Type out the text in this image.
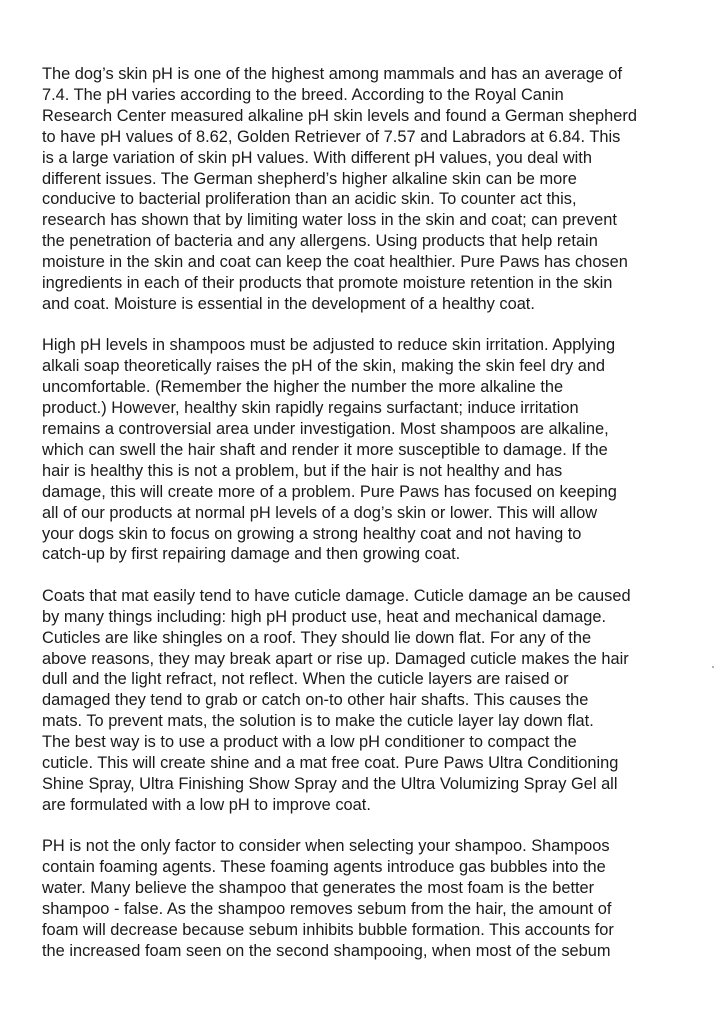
The dog’s skin pH is one of the highest among mammals and has an average of
7.4. The pH varies according to the breed. According to the Royal Canin
Research Center measured alkaline pH skin levels and found a German shepherd
to have pH values of 8.62, Golden Retriever of 7.57 and Labradors at 6.84. This
is a large variation of skin pH values. With different pH values, you deal with
different issues. The German shepherd’s higher alkaline skin can be more
conducive to bacterial proliferation than an acidic skin. To counter act this,
research has shown that by limiting water loss in the skin and coat; can prevent
the penetration of bacteria and any allergens. Using products that help retain
moisture in the skin and coat can keep the coat healthier. Pure Paws has chosen
ingredients in each of their products that promote moisture retention in the skin
and coat. Moisture is essential in the development of a healthy coat.

High pH levels in shampoos must be adjusted to reduce skin irritation. Applying
alkali soap theoretically raises the pH of the skin, making the skin feel dry and
uncomfortable. (Remember the higher the number the more alkaline the
product.) However, healthy skin rapidly regains surfactant; induce irritation
remains a controversial area under investigation. Most shampoos are alkaline,
which can swell the hair shaft and render it more susceptible to damage. If the
hair is healthy this is not a problem, but if the hair is not healthy and has
damage, this will create more of a problem. Pure Paws has focused on keeping
all of our products at normal pH levels of a dog’s skin or lower. This will allow
your dogs skin to focus on growing a strong healthy coat and not having to
catch-up by first repairing damage and then growing coat.

Coats that mat easily tend to have cuticle damage. Cuticle damage an be caused
by many things including: high pH product use, heat and mechanical damage.
Cuticles are like shingles on a roof. They should lie down flat. For any of the
above reasons, they may break apart or rise up. Damaged cuticle makes the hair
dull and the light refract, not reflect. When the cuticle layers are raised or
damaged they tend to grab or catch on-to other hair shafts. This causes the
mats. To prevent mats, the solution is to make the cuticle layer lay down flat.
The best way is to use a product with a low pH conditioner to compact the
cuticle. This will create shine and a mat free coat. Pure Paws Ultra Conditioning
Shine Spray, Ultra Finishing Show Spray and the Ultra Volumizing Spray Gel all
are formulated with a low pH to improve coat.

PH is not the only factor to consider when selecting your shampoo. Shampoos
contain foaming agents. These foaming agents introduce gas bubbles into the
water. Many believe the shampoo that generates the most foam is the better
shampoo - false. As the shampoo removes sebum from the hair, the amount of
foam will decrease because sebum inhibits bubble formation. This accounts for
the increased foam seen on the second shampooing, when most of the sebum
